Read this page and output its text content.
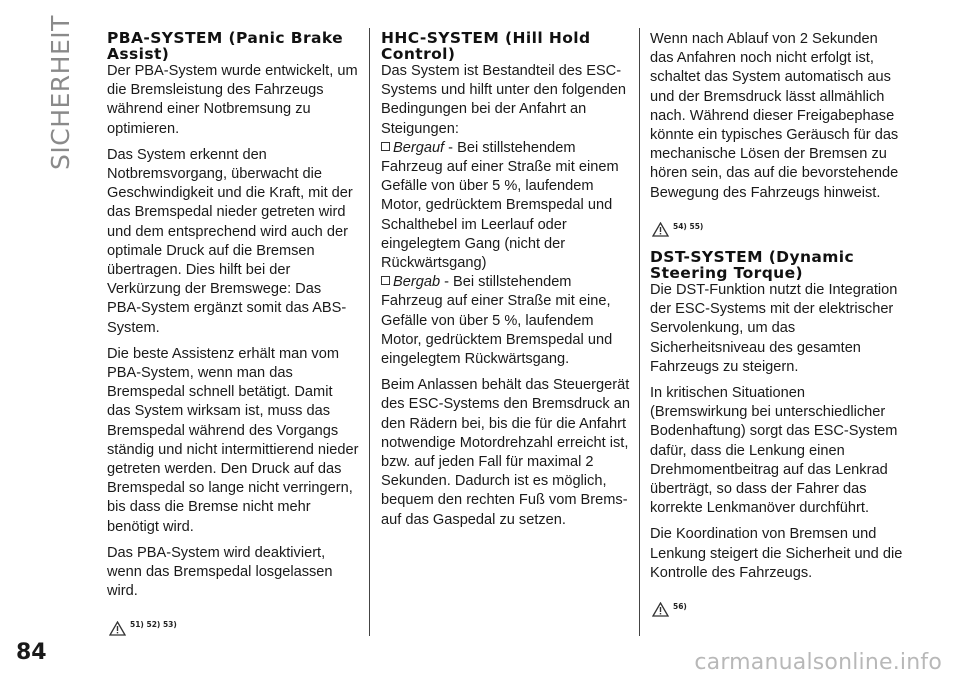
SICHERHEIT
84
PBA-SYSTEM (Panic Brake Assist)

Der PBA-System wurde entwickelt, um die Bremsleistung des Fahrzeugs während einer Notbremsung zu optimieren.

Das System erkennt den Notbremsvorgang, überwacht die Geschwindigkeit und die Kraft, mit der das Bremspedal nieder getreten wird und dem entsprechend wird auch der optimale Druck auf die Bremsen übertragen. Dies hilft bei der Verkürzung der Bremswege: Das PBA-System ergänzt somit das ABS-System.

Die beste Assistenz erhält man vom PBA-System, wenn man das Bremspedal schnell betätigt. Damit das System wirksam ist, muss das Bremspedal während des Vorgangs ständig und nicht intermittierend nieder getreten werden. Den Druck auf das Bremspedal so lange nicht verringern, bis dass die Bremse nicht mehr benötigt wird.

Das PBA-System wird deaktiviert, wenn das Bremspedal losgelassen wird.

51) 52) 53)
HHC-SYSTEM (Hill Hold Control)

Das System ist Bestandteil des ESC-Systems und hilft unter den folgenden Bedingungen bei der Anfahrt an Steigungen:

Bergauf - Bei stillstehendem Fahrzeug auf einer Straße mit einem Gefälle von über 5 %, laufendem Motor, gedrücktem Bremspedal und Schalthebel im Leerlauf oder eingelegtem Gang (nicht der Rückwärtsgang)
Bergab - Bei stillstehendem Fahrzeug auf einer Straße mit eine, Gefälle von über 5 %, laufendem Motor, gedrücktem Bremspedal und eingelegtem Rückwärtsgang.

Beim Anlassen behält das Steuergerät des ESC-Systems den Bremsdruck an den Rädern bei, bis die für die Anfahrt notwendige Motordrehzahl erreicht ist, bzw. auf jeden Fall für maximal 2 Sekunden. Dadurch ist es möglich, bequem den rechten Fuß vom Brems- auf das Gaspedal zu setzen.

Wenn nach Ablauf von 2 Sekunden das Anfahren noch nicht erfolgt ist, schaltet das System automatisch aus und der Bremsdruck lässt allmählich nach. Während dieser Freigabephase könnte ein typisches Geräusch für das mechanische Lösen der Bremsen zu hören sein, das auf die bevorstehende Bewegung des Fahrzeugs hinweist.

54) 55)
DST-SYSTEM (Dynamic Steering Torque)

Die DST-Funktion nutzt die Integration der ESC-Systems mit der elektrischer Servolenkung, um das Sicherheitsniveau des gesamten Fahrzeugs zu steigern.

In kritischen Situationen (Bremswirkung bei unterschiedlicher Bodenhaftung) sorgt das ESC-System dafür, dass die Lenkung einen Drehmomentbeitrag auf das Lenkrad überträgt, so dass der Fahrer das korrekte Lenkmanöver durchführt.

Die Koordination von Bremsen und Lenkung steigert die Sicherheit und die Kontrolle des Fahrzeugs.

56)
carmanualsonline.info
